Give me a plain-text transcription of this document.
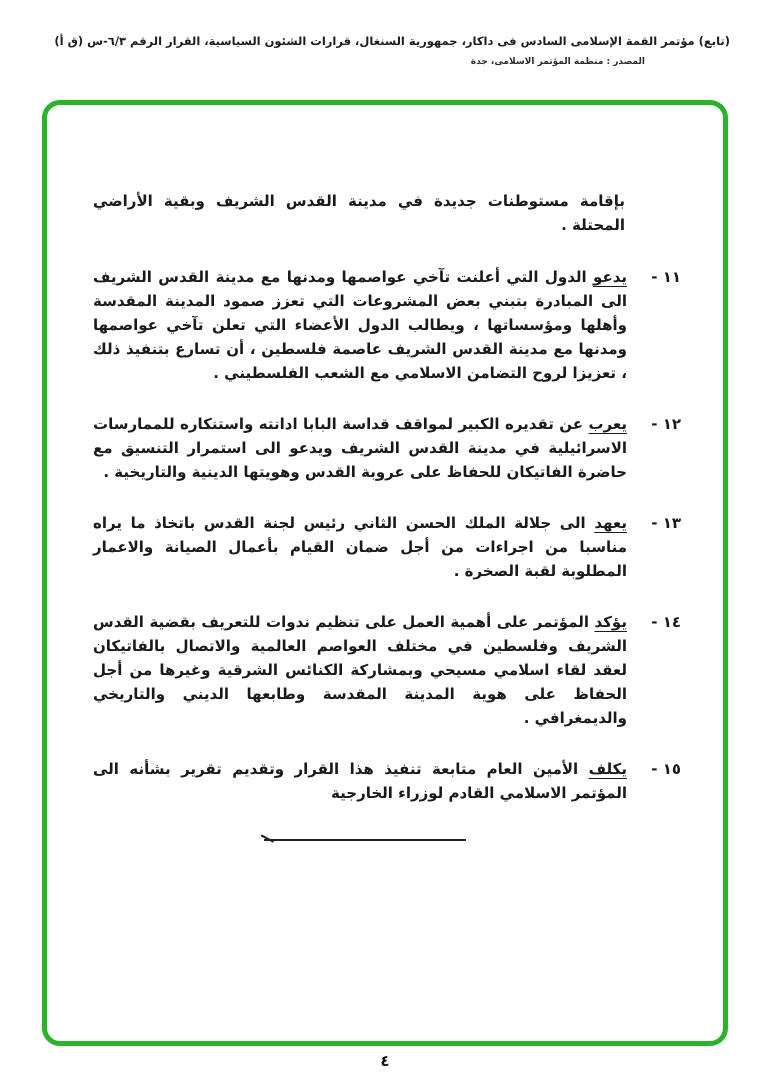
(تابع) مؤتمر القمة الإسلامى السادس فى داكار، جمهورية السنغال، قرارات الشئون السياسية، القرار الرقم ٦/٣-س (ق أ)
المصدر : منظمة المؤتمر الاسلامى، جدة

بإقامة مستوطنات جديدة في مدينة القدس الشريف وبقية الأراضي المحتلة .

١١ -

يدعو الدول التي أعلنت تآخي عواصمها ومدنها مع مدينة القدس الشريف الى المبادرة بتبني بعض المشروعات التي تعزز صمود المدينة المقدسة وأهلها ومؤسساتها ، ويطالب الدول الأعضاء التي تعلن تآخي عواصمها ومدنها مع مدينة القدس الشريف عاصمة فلسطين ، أن تسارع بتنفيذ ذلك ، تعزيزا لروح التضامن الاسلامي مع الشعب الفلسطيني .

١٢ -

يعرب عن تقديره الكبير لمواقف قداسة البابا ادانته واستنكاره للممارسات الاسرائيلية في مدينة القدس الشريف ويدعو الى استمرار التنسيق مع حاضرة الفاتيكان للحفاظ على عروبة القدس وهويتها الدينية والتاريخية .

١٣ -

يعهد الى جلالة الملك الحسن الثاني رئيس لجنة القدس باتخاذ ما يراه مناسبا من اجراءات من أجل ضمان القيام بأعمال الصيانة والاعمار المطلوبة لقبة الصخرة .

١٤ -

يؤكد المؤتمر على أهمية العمل على تنظيم ندوات للتعريف بقضية القدس الشريف وفلسطين في مختلف العواصم العالمية والاتصال بالفاتيكان لعقد لقاء اسلامي مسيحي وبمشاركة الكنائس الشرقية وغيرها من أجل الحفاظ على هوية المدينة المقدسة وطابعها الديني والتاريخي والديمغرافي .

١٥ -

يكلف الأمين العام متابعة تنفيذ هذا القرار وتقديم تقرير بشأنه الى المؤتمر الاسلامي القادم لوزراء الخارجية

٤
